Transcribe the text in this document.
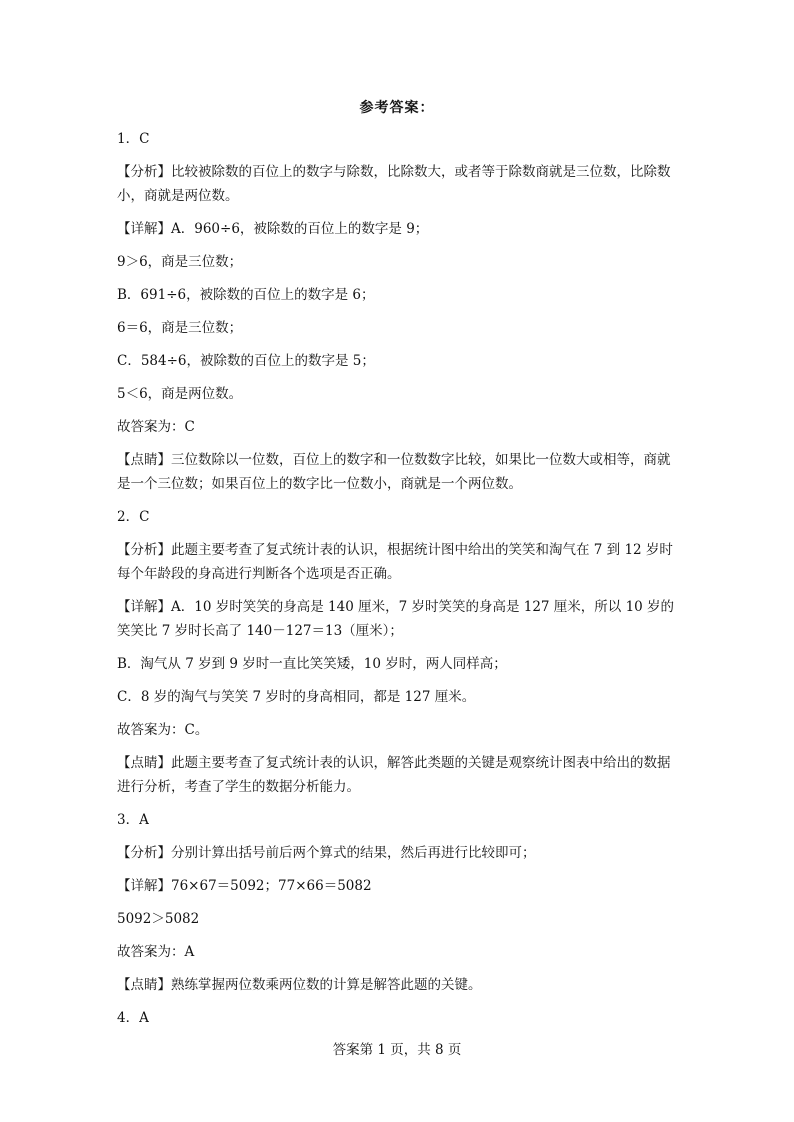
参考答案：
1．C
【分析】比较被除数的百位上的数字与除数，比除数大，或者等于除数商就是三位数，比除数小，商就是两位数。
【详解】A．960÷6，被除数的百位上的数字是 9；
9＞6，商是三位数；
B．691÷6，被除数的百位上的数字是 6；
6＝6，商是三位数；
C．584÷6，被除数的百位上的数字是 5；
5＜6，商是两位数。
故答案为：C
【点睛】三位数除以一位数，百位上的数字和一位数数字比较，如果比一位数大或相等，商就是一个三位数；如果百位上的数字比一位数小，商就是一个两位数。
2．C
【分析】此题主要考查了复式统计表的认识，根据统计图中给出的笑笑和淘气在 7 到 12 岁时每个年龄段的身高进行判断各个选项是否正确。
【详解】A．10 岁时笑笑的身高是 140 厘米，7 岁时笑笑的身高是 127 厘米，所以 10 岁的笑笑比 7 岁时长高了 140－127＝13（厘米）；
B．淘气从 7 岁到 9 岁时一直比笑笑矮，10 岁时，两人同样高；
C．8 岁的淘气与笑笑 7 岁时的身高相同，都是 127 厘米。
故答案为：C。
【点睛】此题主要考查了复式统计表的认识，解答此类题的关键是观察统计图表中给出的数据进行分析，考查了学生的数据分析能力。
3．A
【分析】分别计算出括号前后两个算式的结果，然后再进行比较即可；
【详解】76×67＝5092；77×66＝5082
5092＞5082
故答案为：A
【点睛】熟练掌握两位数乘两位数的计算是解答此题的关键。
4．A
答案第 1 页，共 8 页
